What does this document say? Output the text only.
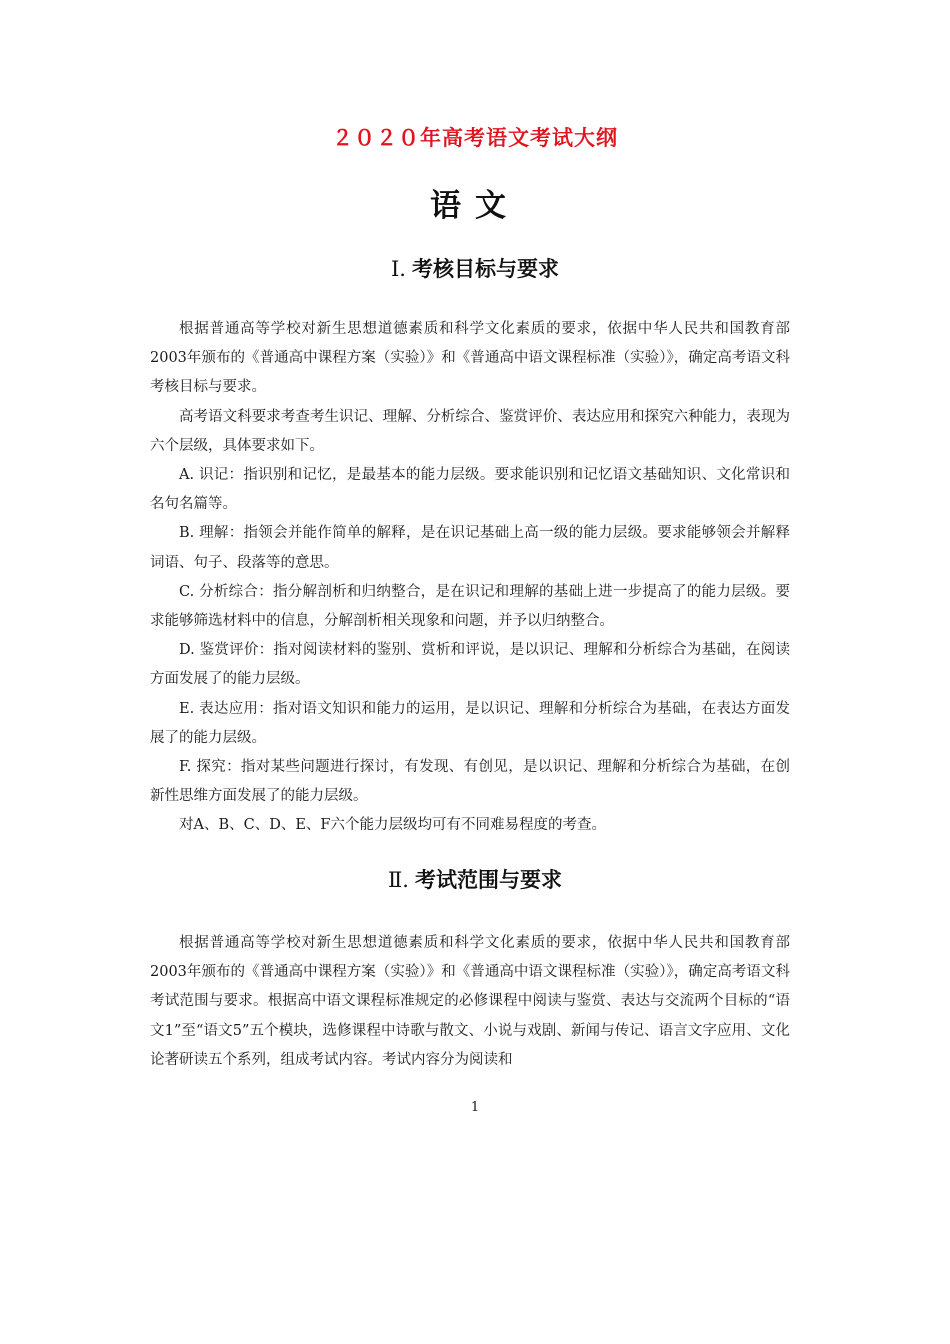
２０２０年高考语文考试大纲
语文
Ⅰ. 考核目标与要求

根据普通高等学校对新生思想道德素质和科学文化素质的要求，依据中华人民共和国教育部2003年颁布的《普通高中课程方案（实验）》和《普通高中语文课程标准（实验）》，确定高考语文科考核目标与要求。

高考语文科要求考查考生识记、理解、分析综合、鉴赏评价、表达应用和探究六种能力，表现为六个层级，具体要求如下。

A. 识记：指识别和记忆，是最基本的能力层级。要求能识别和记忆语文基础知识、文化常识和名句名篇等。

B. 理解：指领会并能作简单的解释，是在识记基础上高一级的能力层级。要求能够领会并解释词语、句子、段落等的意思。

C. 分析综合：指分解剖析和归纳整合，是在识记和理解的基础上进一步提高了的能力层级。要求能够筛选材料中的信息，分解剖析相关现象和问题，并予以归纳整合。

D. 鉴赏评价：指对阅读材料的鉴别、赏析和评说，是以识记、理解和分析综合为基础，在阅读方面发展了的能力层级。

E. 表达应用：指对语文知识和能力的运用，是以识记、理解和分析综合为基础，在表达方面发展了的能力层级。

F. 探究：指对某些问题进行探讨，有发现、有创见，是以识记、理解和分析综合为基础，在创新性思维方面发展了的能力层级。

对A、B、C、D、E、F六个能力层级均可有不同难易程度的考查。

Ⅱ. 考试范围与要求

根据普通高等学校对新生思想道德素质和科学文化素质的要求，依据中华人民共和国教育部2003年颁布的《普通高中课程方案（实验）》和《普通高中语文课程标准（实验）》，确定高考语文科考试范围与要求。根据高中语文课程标准规定的必修课程中阅读与鉴赏、表达与交流两个目标的“语文1”至“语文5”五个模块，选修课程中诗歌与散文、小说与戏剧、新闻与传记、语言文字应用、文化论著研读五个系列，组成考试内容。考试内容分为阅读和

1
